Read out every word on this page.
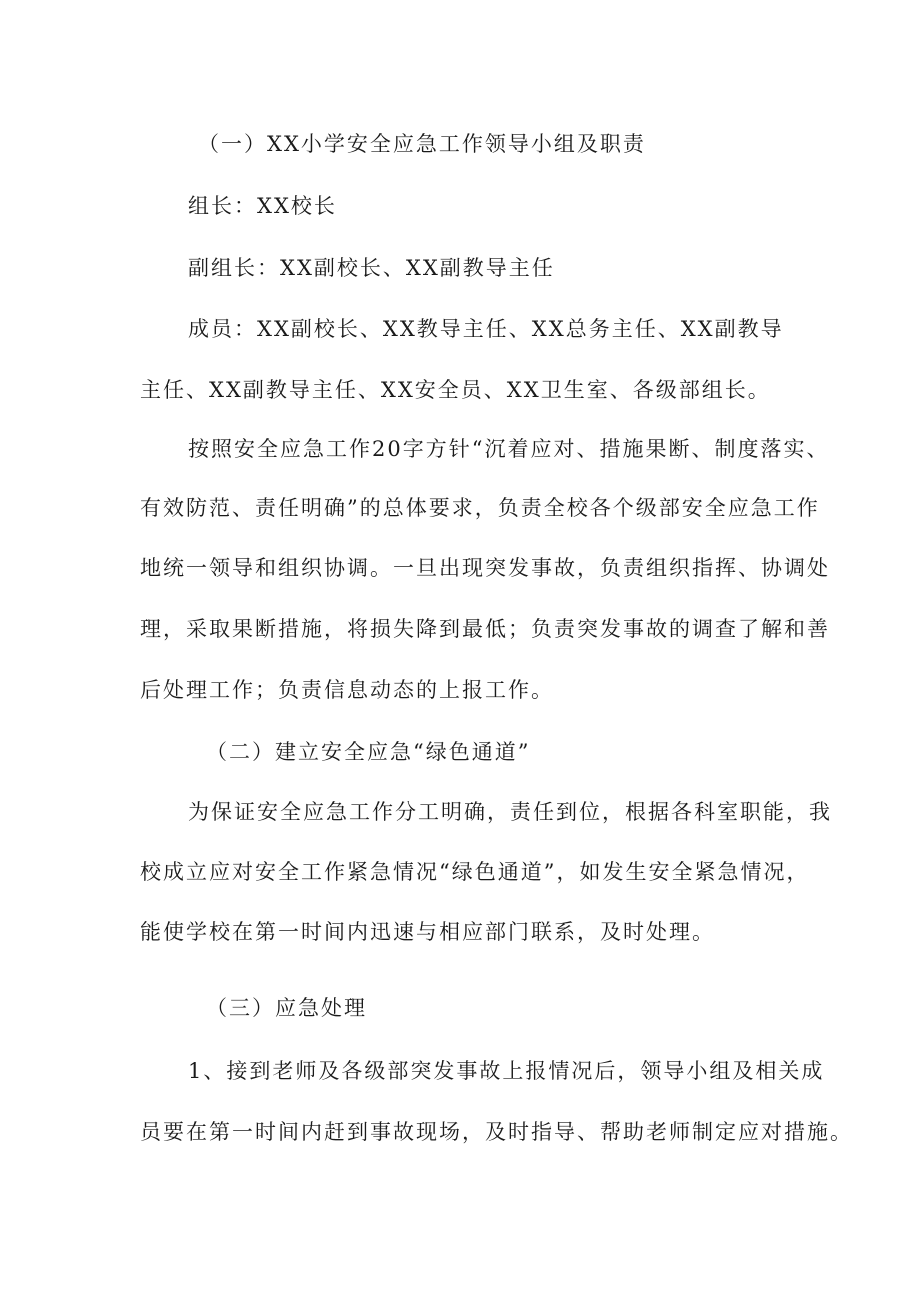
（一）XX小学安全应急工作领导小组及职责
组长：XX校长
副组长：XX副校长、XX副教导主任
成员：XX副校长、XX教导主任、XX总务主任、XX副教导
主任、XX副教导主任、XX安全员、XX卫生室、各级部组长。
按照安全应急工作20字方针“沉着应对、措施果断、制度落实、
有效防范、责任明确”的总体要求，负责全校各个级部安全应急工作
地统一领导和组织协调。一旦出现突发事故，负责组织指挥、协调处
理，采取果断措施，将损失降到最低；负责突发事故的调查了解和善
后处理工作；负责信息动态的上报工作。
（二）建立安全应急“绿色通道”
为保证安全应急工作分工明确，责任到位，根据各科室职能，我
校成立应对安全工作紧急情况“绿色通道”，如发生安全紧急情况，
能使学校在第一时间内迅速与相应部门联系，及时处理。
（三）应急处理
1、接到老师及各级部突发事故上报情况后，领导小组及相关成
员要在第一时间内赶到事故现场，及时指导、帮助老师制定应对措施。
